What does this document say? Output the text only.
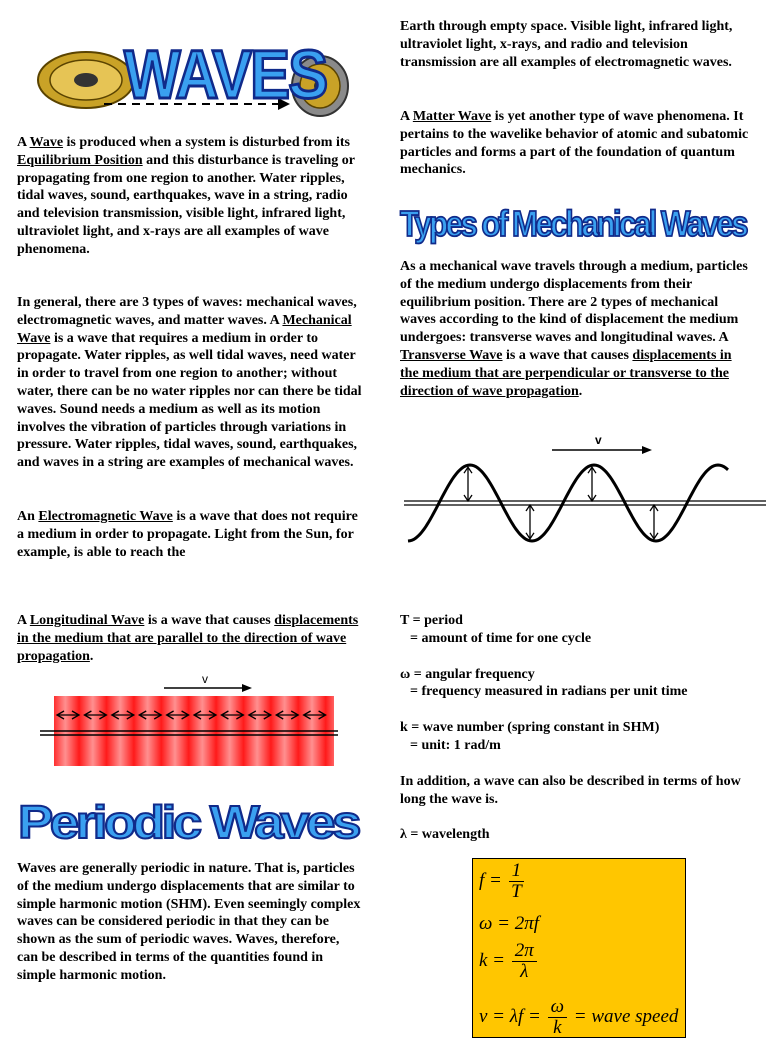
WAVES

A Wave is produced when a system is disturbed from its Equilibrium Position and this disturbance is traveling or propagating from one region to another. Water ripples, tidal waves, sound, earthquakes, wave in a string, radio and television transmission, visible light, infrared light, ultraviolet light, and x-rays are all examples of wave phenomena.

In general, there are 3 types of waves: mechanical waves, electromagnetic waves, and matter waves. A Mechanical Wave is a wave that requires a medium in order to propagate. Water ripples, as well tidal waves, need water in order to travel from one region to another; without water, there can be no water ripples nor can there be tidal waves. Sound needs a medium as well as its motion involves the vibration of particles through variations in pressure. Water ripples, tidal waves, sound, earthquakes, and waves in a string are examples of mechanical waves.

An Electromagnetic Wave is a wave that does not require a medium in order to propagate. Light from the Sun, for example, is able to reach the

A Longitudinal Wave is a wave that causes displacements in the medium that are parallel to the direction of wave propagation.

v
Periodic Waves

Waves are generally periodic in nature. That is, particles of the medium undergo displacements that are similar to simple harmonic motion (SHM). Even seemingly complex waves can be considered periodic in that they can be shown as the sum of periodic waves. Waves, therefore, can be described in terms of the quantities found in simple harmonic motion.

Earth through empty space. Visible light, infrared light, ultraviolet light, x-rays, and radio and television transmission are all examples of electromagnetic waves.

A Matter Wave is yet another type of wave phenomena. It pertains to the wavelike behavior of atomic and subatomic particles and forms a part of the foundation of quantum mechanics.

Types of Mechanical Waves

As a mechanical wave travels through a medium, particles of the medium undergo displacements from their equilibrium position. There are 2 types of mechanical waves according to the kind of displacement the medium undergoes: transverse waves and longitudinal waves. A Transverse Wave is a wave that causes displacements in the medium that are perpendicular or transverse to the direction of wave propagation.

v

T = period

= amount of time for one cycle

ω = angular frequency

= frequency measured in radians per unit time

k = wave number (spring constant in SHM)

= unit: 1 rad/m

In addition, a wave can also be described in terms of how long the wave is.

λ = wavelength

$f = \frac{1}{T}$
ω = 2πf
$k = \frac{2\pi}{\lambda}$
$v = \lambda f = \frac{\omega}{k}$ = wave speed
